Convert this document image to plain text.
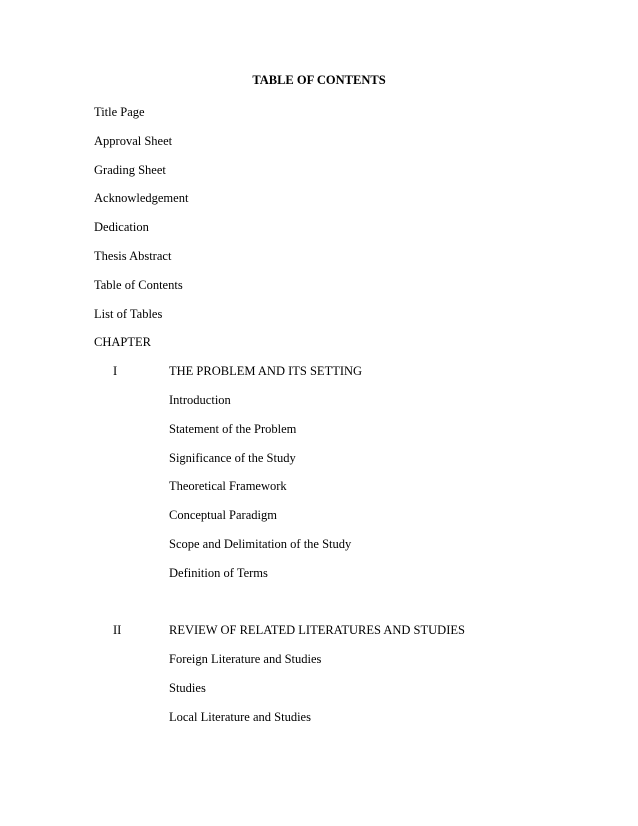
TABLE OF CONTENTS
Title Page
Approval Sheet
Grading Sheet
Acknowledgement
Dedication
Thesis Abstract
Table of Contents
List of Tables
CHAPTER
I	THE PROBLEM AND ITS SETTING
Introduction
Statement of the Problem
Significance of the Study
Theoretical Framework
Conceptual Paradigm
Scope and Delimitation of the Study
Definition of Terms
II	REVIEW OF RELATED LITERATURES AND STUDIES
Foreign Literature and Studies
Studies
Local Literature and Studies
